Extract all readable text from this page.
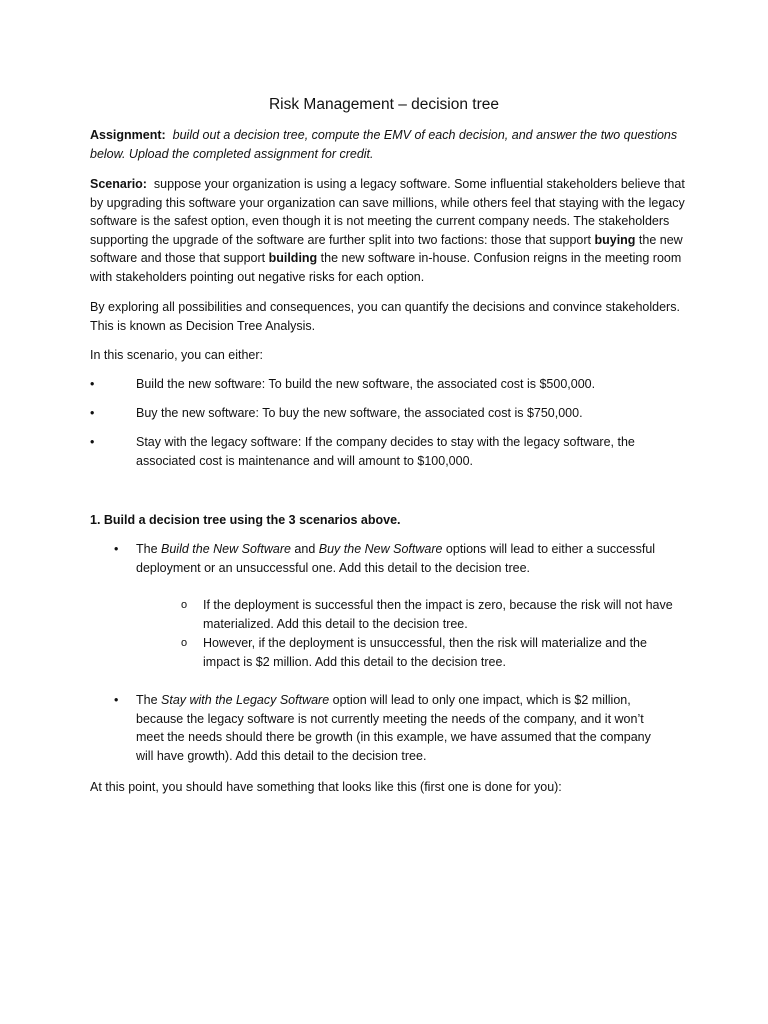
Risk Management – decision tree

Assignment: build out a decision tree, compute the EMV of each decision, and answer the two questions below. Upload the completed assignment for credit.

Scenario: suppose your organization is using a legacy software. Some influential stakeholders believe that by upgrading this software your organization can save millions, while others feel that staying with the legacy software is the safest option, even though it is not meeting the current company needs. The stakeholders supporting the upgrade of the software are further split into two factions: those that support buying the new software and those that support building the new software in-house. Confusion reigns in the meeting room with stakeholders pointing out negative risks for each option.

By exploring all possibilities and consequences, you can quantify the decisions and convince stakeholders. This is known as Decision Tree Analysis.

In this scenario, you can either:

•	Build the new software: To build the new software, the associated cost is $500,000.
•	Buy the new software: To buy the new software, the associated cost is $750,000.
•	Stay with the legacy software: If the company decides to stay with the legacy software, the associated cost is maintenance and will amount to $100,000.

1. Build a decision tree using the 3 scenarios above.

• The Build the New Software and Buy the New Software options will lead to either a successful deployment or an unsuccessful one. Add this detail to the decision tree.
o If the deployment is successful then the impact is zero, because the risk will not have materialized. Add this detail to the decision tree.
o However, if the deployment is unsuccessful, then the risk will materialize and the impact is $2 million. Add this detail to the decision tree.
• The Stay with the Legacy Software option will lead to only one impact, which is $2 million, because the legacy software is not currently meeting the needs of the company, and it won’t meet the needs should there be growth (in this example, we have assumed that the company will have growth). Add this detail to the decision tree.

At this point, you should have something that looks like this (first one is done for you):
